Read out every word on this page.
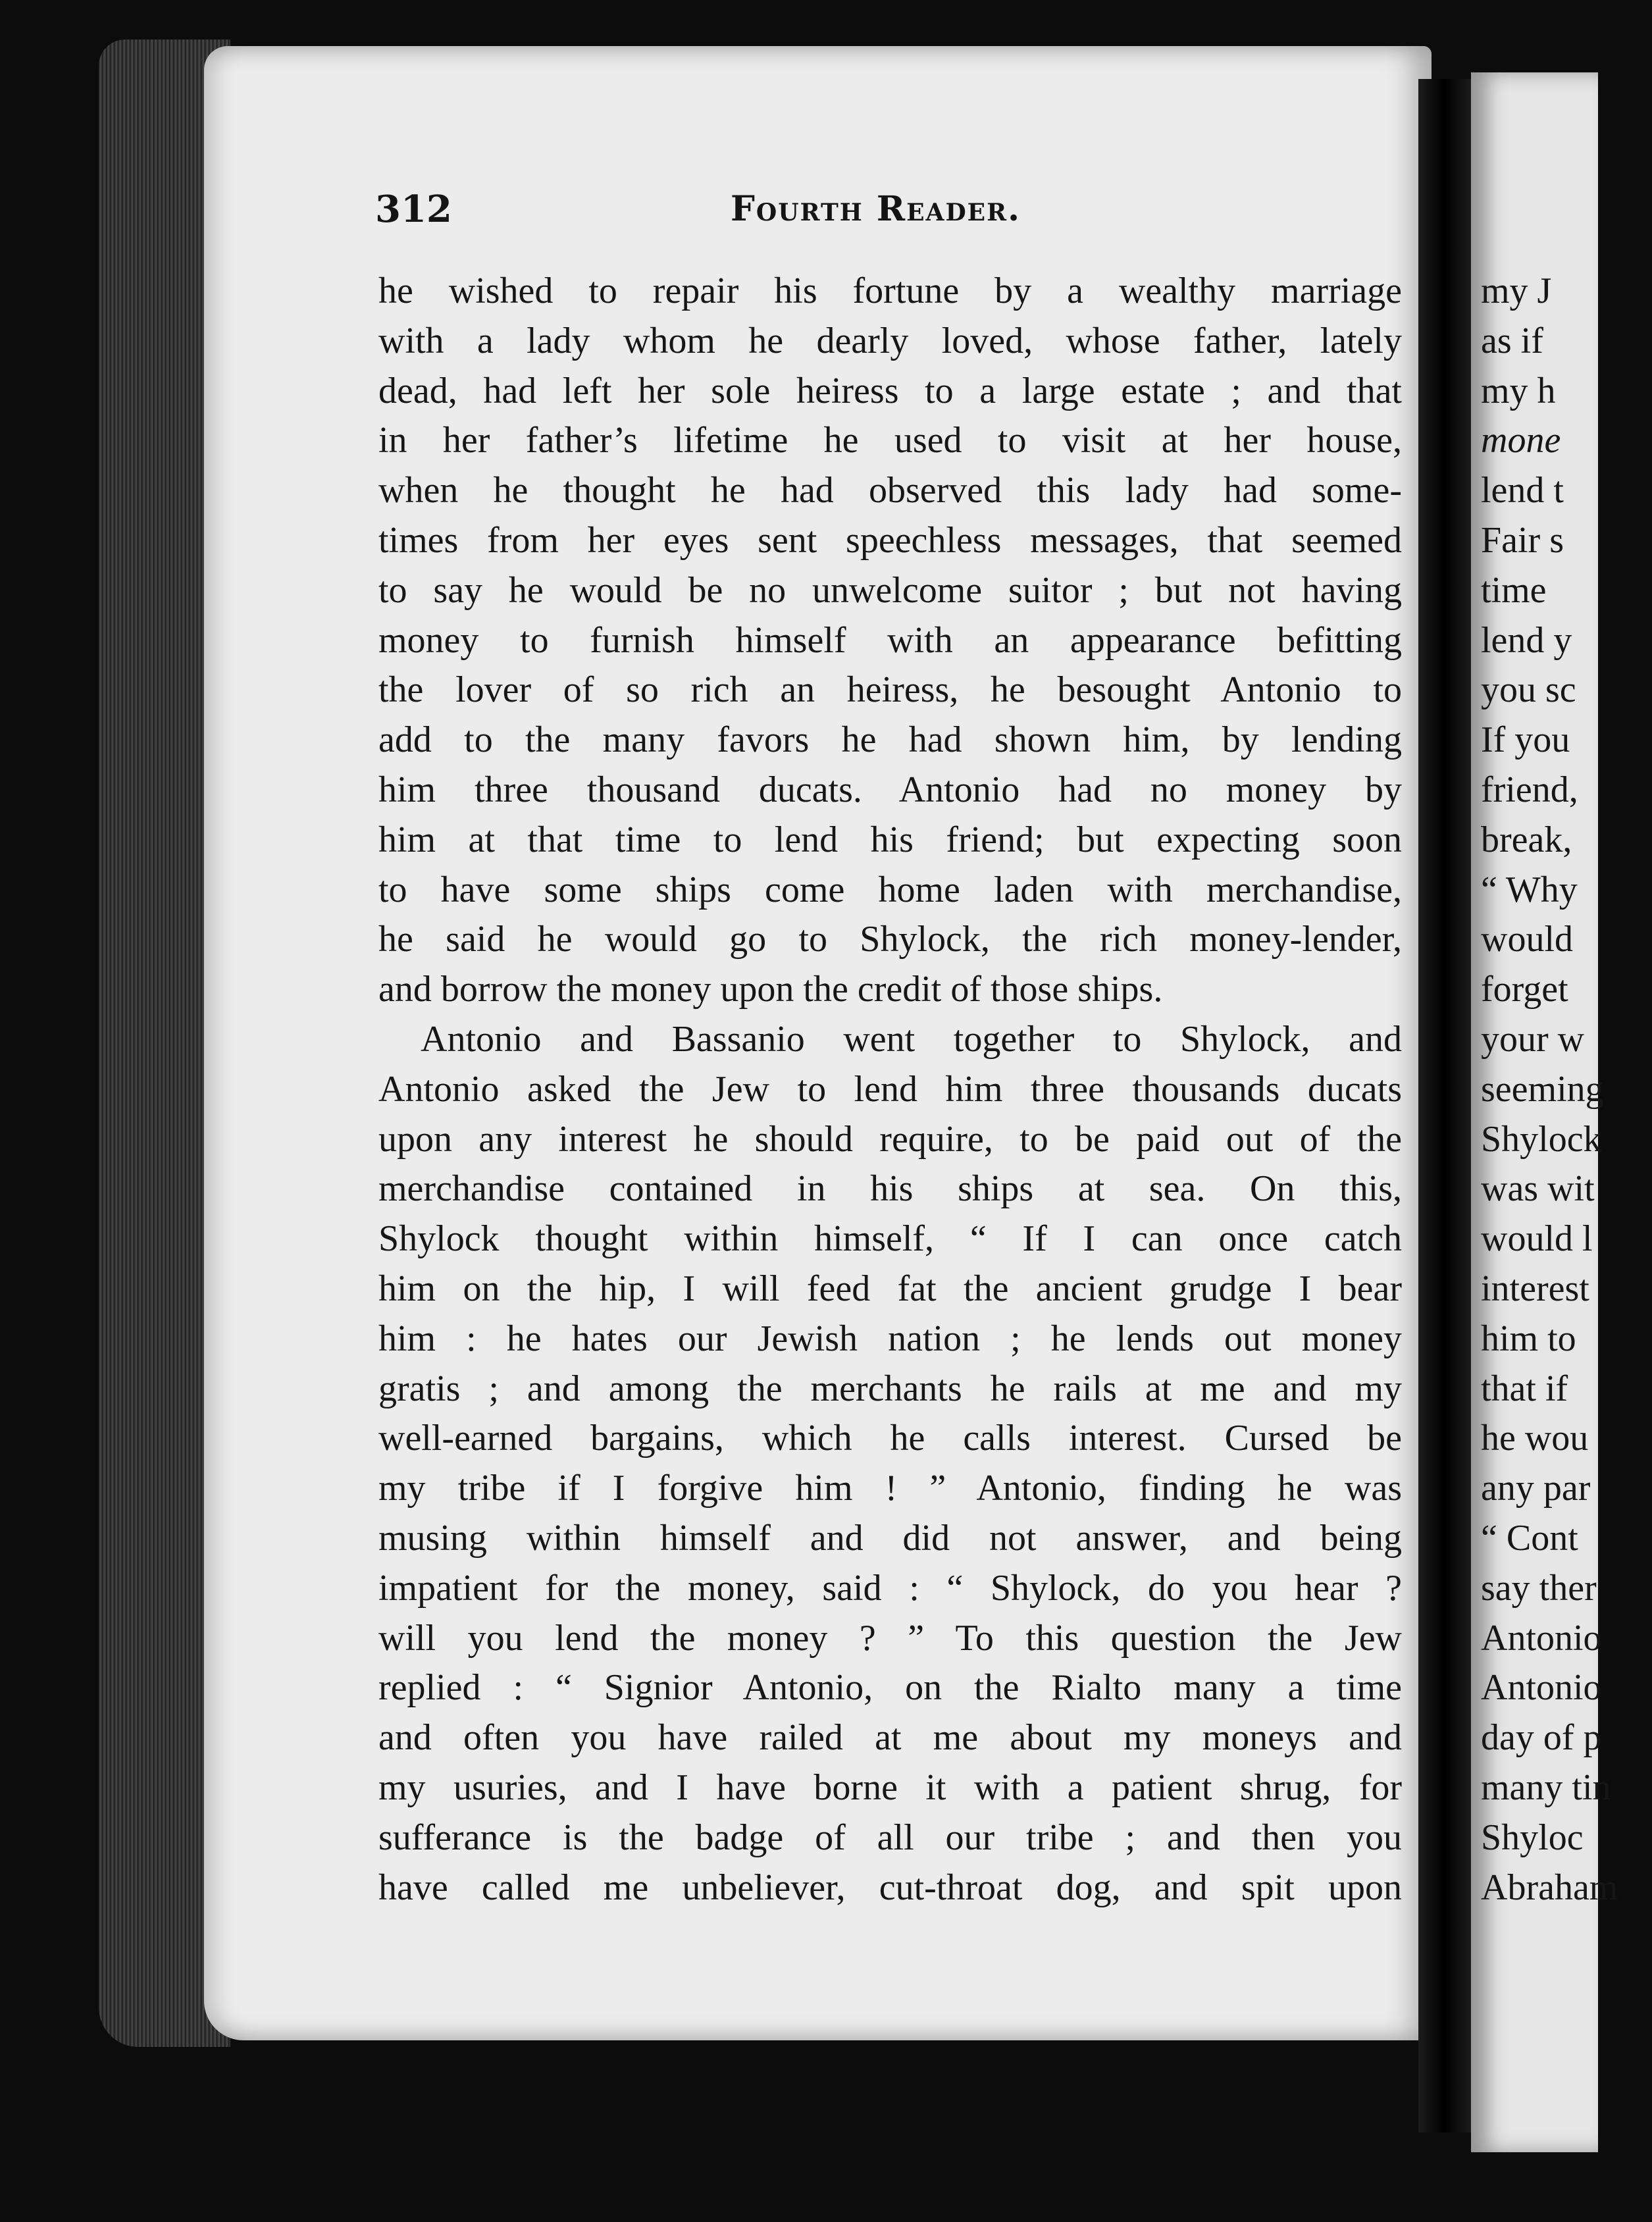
312	Fourth Reader.
he wished to repair his fortune by a wealthy marriage
with a lady whom he dearly loved, whose father, lately
dead, had left her sole heiress to a large estate ; and that
in her father’s lifetime he used to visit at her house,
when he thought he had observed this lady had some-
times from her eyes sent speechless messages, that seemed
to say he would be no unwelcome suitor ; but not having
money to furnish himself with an appearance befitting
the lover of so rich an heiress, he besought Antonio to
add to the many favors he had shown him, by lending
him three thousand ducats. Antonio had no money by
him at that time to lend his friend; but expecting soon
to have some ships come home laden with merchandise,
he said he would go to Shylock, the rich money-lender,
and borrow the money upon the credit of those ships.
Antonio and Bassanio went together to Shylock, and
Antonio asked the Jew to lend him three thousands ducats
upon any interest he should require, to be paid out of the
merchandise contained in his ships at sea. On this,
Shylock thought within himself, “ If I can once catch
him on the hip, I will feed fat the ancient grudge I bear
him : he hates our Jewish nation ; he lends out money
gratis ; and among the merchants he rails at me and my
well-earned bargains, which he calls interest. Cursed be
my tribe if I forgive him ! ” Antonio, finding he was
musing within himself and did not answer, and being
impatient for the money, said : “ Shylock, do you hear ?
will you lend the money ? ” To this question the Jew
replied : “ Signior Antonio, on the Rialto many a time
and often you have railed at me about my moneys and
my usuries, and I have borne it with a patient shrug, for
sufferance is the badge of all our tribe ; and then you
have called me unbeliever, cut-throat dog, and spit upon
my J
as if
my h
mone
lend t
Fair s
time
lend y
you sc
If you
friend,
break,
“ Why
would
forget
your w
seeming
Shylock
was wit
would l
interest
him to
that if
he wou
any par
“ Cont
say ther
Antonio
Antonio
day of p
many tin
Shyloc
Abraham
